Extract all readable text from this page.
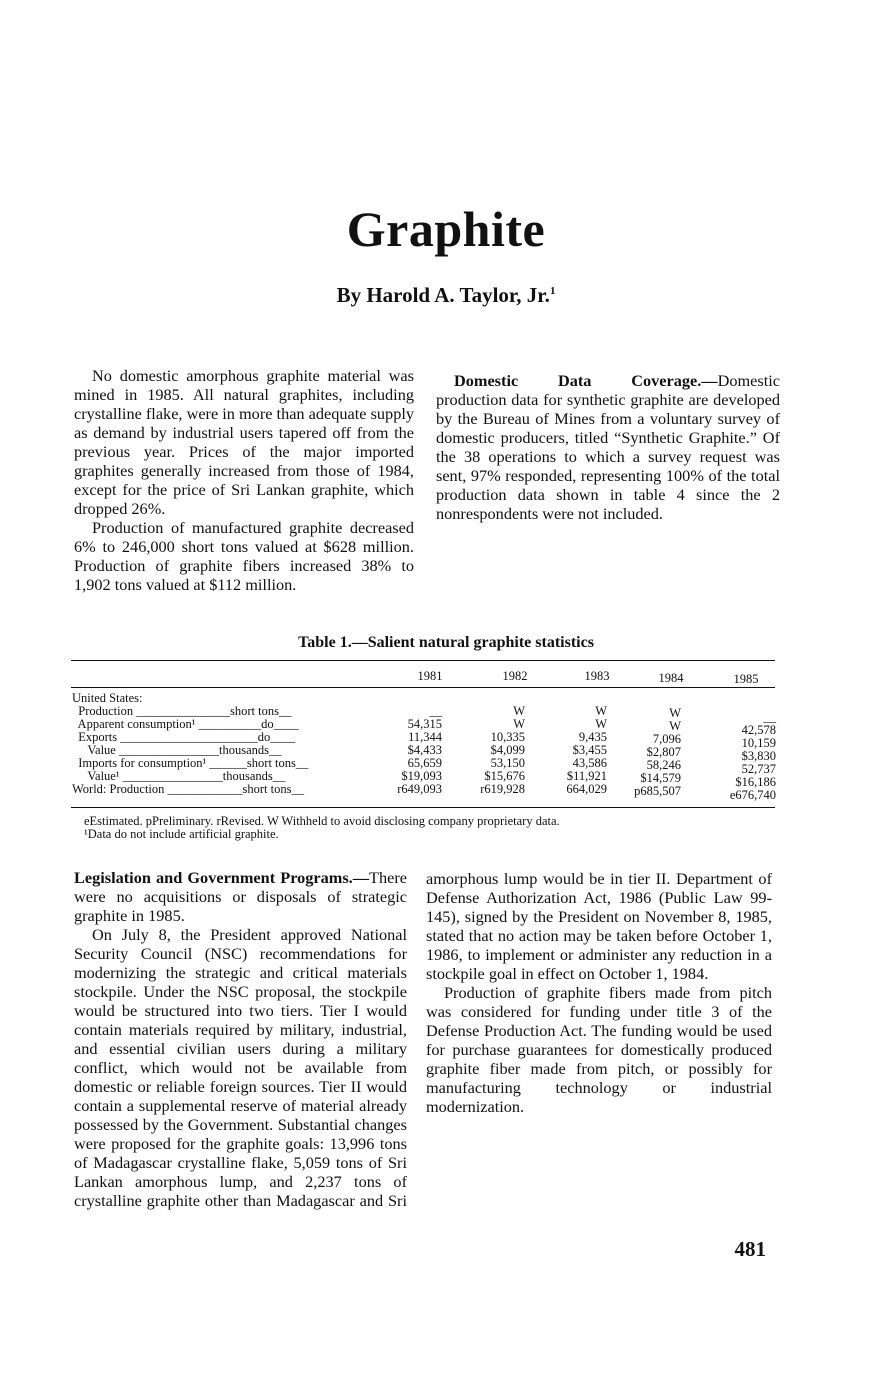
Graphite
By Harold A. Taylor, Jr.$^1$

No domestic amorphous graphite material was mined in 1985. All natural graphites, including crystalline flake, were in more than adequate supply as demand by industrial users tapered off from the previous year. Prices of the major imported graphites generally increased from those of 1984, except for the price of Sri Lankan graphite, which dropped 26%.

Production of manufactured graphite decreased 6% to 246,000 short tons valued at $628 million. Production of graphite fibers increased 38% to 1,902 tons valued at $112 million.

Domestic Data Coverage.—Domestic production data for synthetic graphite are developed by the Bureau of Mines from a voluntary survey of domestic producers, titled “Synthetic Graphite.” Of the 38 operations to which a survey request was sent, 97% responded, representing 100% of the total production data shown in table 4 since the 2 nonrespondents were not included.

Table 1.—Salient natural graphite statistics
1981	1982	1983	1984	1985
United States:
Production _______________short tons__	__	W	W	W	__
Apparent consumption¹ __________do____	54,315	W	W	W	42,578
Exports ______________________do____	11,344	10,335	9,435	7,096	10,159
Value ________________thousands__	$4,433	$4,099	$3,455	$2,807	$3,830
Imports for consumption¹ ______short tons__	65,659	53,150	43,586	58,246	52,737
Value¹ ________________thousands__	$19,093	$15,676	$11,921	$14,579	$16,186
World: Production ____________short tons__	r649,093	r619,928	664,029	p685,507	e676,740
eEstimated. pPreliminary. rRevised. W Withheld to avoid disclosing company proprietary data.
¹Data do not include artificial graphite.

Legislation and Government Programs.—There were no acquisitions or disposals of strategic graphite in 1985.

On July 8, the President approved National Security Council (NSC) recommendations for modernizing the strategic and critical materials stockpile. Under the NSC proposal, the stockpile would be structured into two tiers. Tier I would contain materials required by military, industrial, and essential civilian users during a military conflict, which would not be available from domestic or reliable foreign sources. Tier II would contain a supplemental reserve of material already possessed by the Government. Substantial changes were proposed for the graphite goals: 13,996 tons of Madagascar crystalline flake, 5,059 tons of Sri Lankan amorphous lump, and 2,237 tons of crystalline graphite other than Madagascar and Sri

amorphous lump would be in tier II. Department of Defense Authorization Act, 1986 (Public Law 99-145), signed by the President on November 8, 1985, stated that no action may be taken before October 1, 1986, to implement or administer any reduction in a stockpile goal in effect on October 1, 1984.

Production of graphite fibers made from pitch was considered for funding under title 3 of the Defense Production Act. The funding would be used for purchase guarantees for domestically produced graphite fiber made from pitch, or possibly for manufacturing technology or industrial modernization.

481
